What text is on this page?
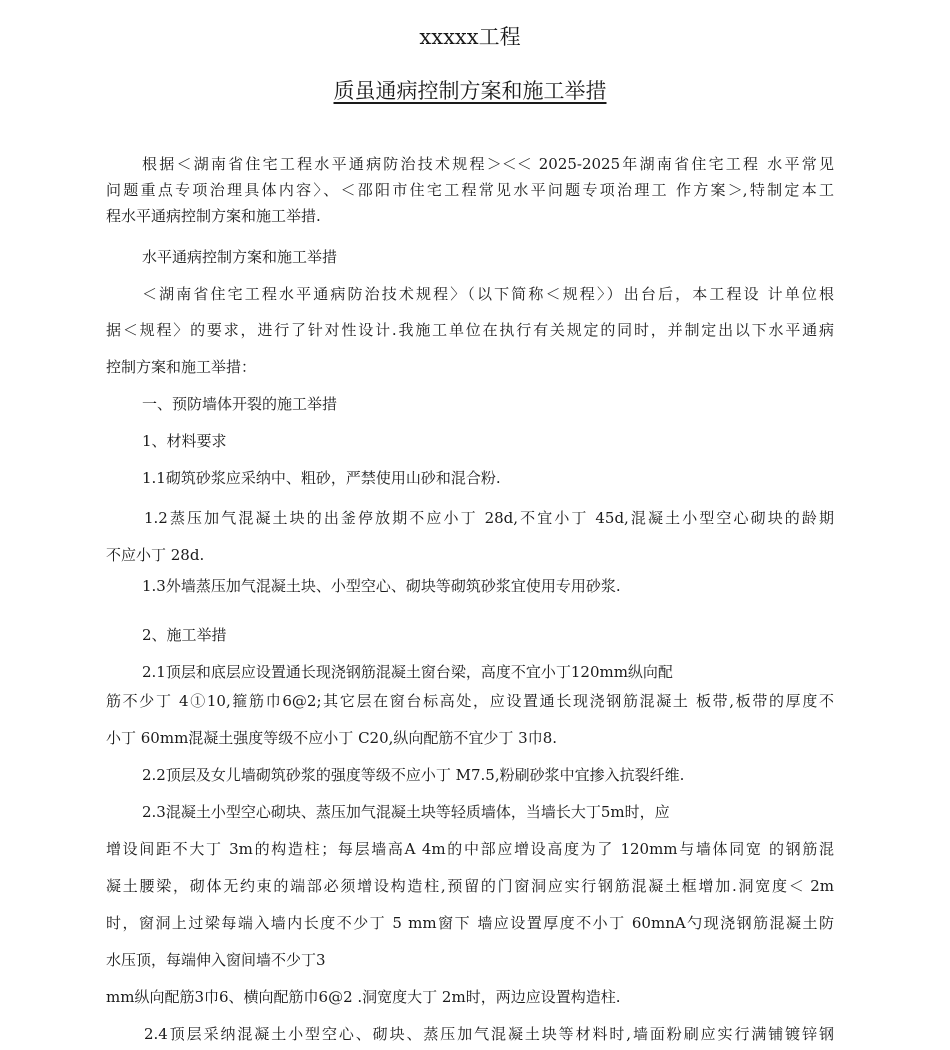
xxxxx工程
质虽通病控制方案和施工举措
根据＜湖南省住宅工程水平通病防治技术规程＞＜＜ 2025-2025年湖南省住宅工程 水平常见
问题重点专项治理具体内容〉、＜邵阳市住宅工程常见水平问题专项治理工 作方案＞,特制定本工
程水平通病控制方案和施工举措.
水平通病控制方案和施工举措
＜湖南省住宅工程水平通病防治技术规程〉（以下简称＜规程〉）出台后，本工程设 计单位根
据＜规程〉的要求，进行了针对性设计.我施工单位在执行有关规定的同时，并制定出以下水平通病
控制方案和施工举措：
一、预防墙体开裂的施工举措
1、材料要求
1.1砌筑砂浆应采纳中、粗砂，严禁使用山砂和混合粉.
1.2蒸压加气混凝土块的出釜停放期不应小丁 28d,不宜小丁 45d,混凝土小型空心砌块的龄期
不应小丁 28d.
1.3外墙蒸压加气混凝土块、小型空心、砌块等砌筑砂浆宜使用专用砂浆.
2、施工举措
2.1顶层和底层应设置通长现浇钢筋混凝土窗台梁，高度不宜小丁120mm纵向配
筋不少丁 4①10,箍筋巾6@2;其它层在窗台标高处，应设置通长现浇钢筋混凝土 板带,板带的厚度不
小丁 60mm混凝土强度等级不应小丁 C20,纵向配筋不宜少丁 3巾8.
2.2顶层及女儿墙砌筑砂浆的强度等级不应小丁 M7.5,粉刷砂浆中宜掺入抗裂纤维.
2.3混凝土小型空心砌块、蒸压加气混凝土块等轻质墙体，当墙长大丁5m时，应
增设间距不大丁 3m的构造柱；每层墙高A 4m的中部应增设高度为了 120mm与墙体同宽 的钢筋混
凝土腰梁，砌体无约束的端部必须增设构造柱,预留的门窗洞应实行钢筋混凝土框增加.洞宽度＜ 2m
时，窗洞上过梁每端入墙内长度不少丁 5 mm窗下 墙应设置厚度不小丁 60mnA勺现浇钢筋混凝土防
水压顶，每端伸入窗间墙不少丁3
mm纵向配筋3巾6、横向配筋巾6@2 .洞宽度大丁 2m时，两边应设置构造柱.
2.4顶层采纳混凝土小型空心、砌块、蒸压加气混凝土块等材料时,墙面粉刷应实行满铺镀锌钢
